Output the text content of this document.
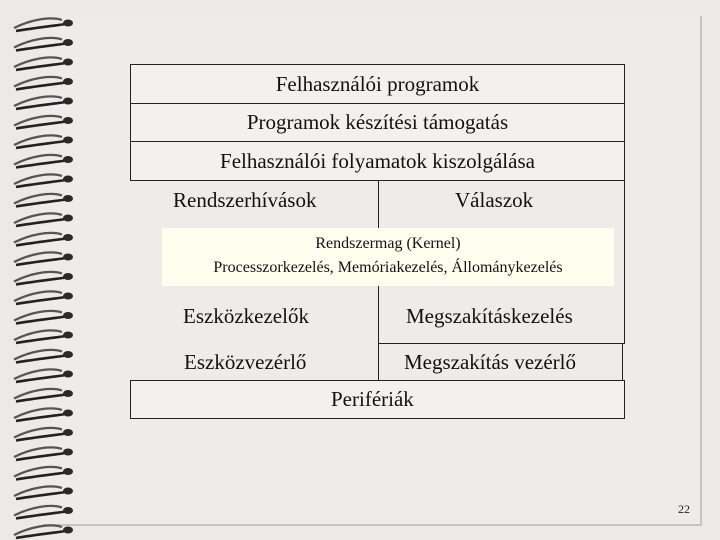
Felhasználói programok
Programok készítési támogatás
Felhasználói folyamatok kiszolgálása
Rendszerhívások	Válaszok
Rendszermag (Kernel)
Processzorkezelés, Memóriakezelés, Állománykezelés
Eszközkezelők	Megszakításkezelés
Eszközvezérlő	Megszakítás vezérlő
Perifériák
22
